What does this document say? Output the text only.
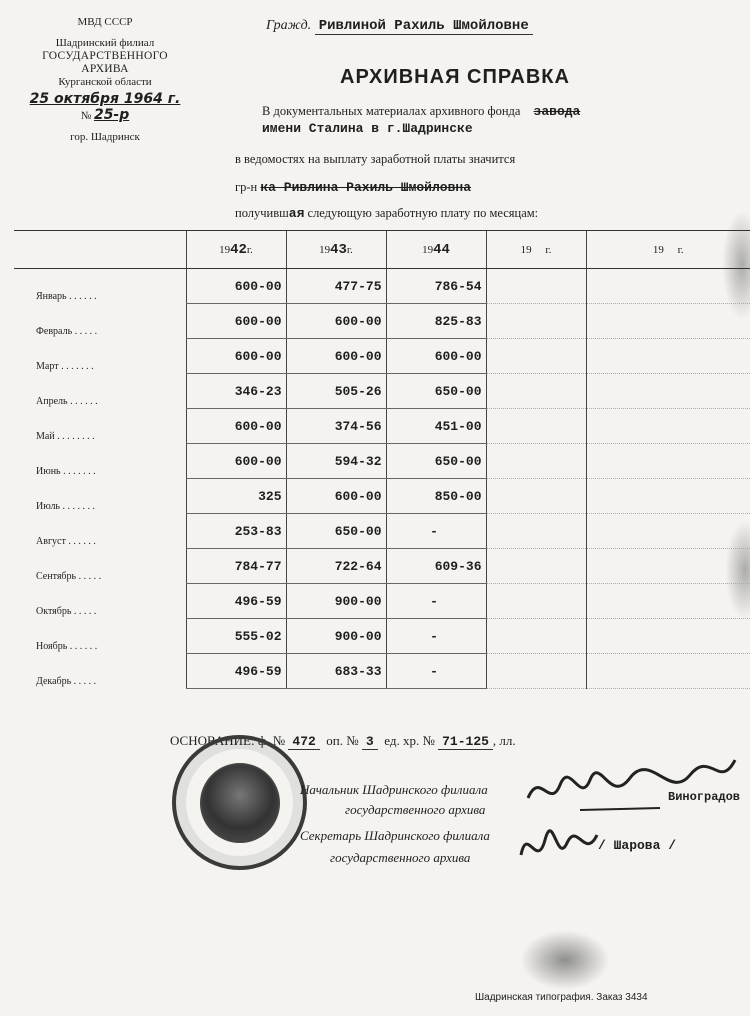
МВД СССР
Шадринский филиал
ГОСУДАРСТВЕННОГО
АРХИВА
Курганской области
25 октября 1964 г.
№ 25-р
гор. Шадринск
Гражд. Ривлиной Рахиль Шмойловне
АРХИВНАЯ СПРАВКА
В документальных материалах архивного фонда завода
имени Сталина в г.Шадринске
в ведомостях на выплату заработной платы значится
гр-н ка Ривлина Рахиль Шмойловна
получившая следующую заработную плату по месяцам:
	1942г.	1943г.	1944	19 г.	19 г.
Январь . . . . . .	600-00	477-75	786-54		
Февраль . . . . .	600-00	600-00	825-83		
Март . . . . . . .	600-00	600-00	600-00		
Апрель . . . . . .	346-23	505-26	650-00		
Май . . . . . . . .	600-00	374-56	451-00		
Июнь . . . . . . .	600-00	594-32	650-00		
Июль . . . . . . .	325	600-00	850-00		
Август . . . . . .	253-83	650-00	-		
Сентябрь . . . . .	784-77	722-64	609-36		
Октябрь . . . . .	496-59	900-00	-		
Ноябрь . . . . . .	555-02	900-00	-		
Декабрь . . . . .	496-59	683-33	-		
ОСНОВАНИЕ: ф. № 472 оп. № 3 ед. хр. № 71-125 , лл.
Начальник Шадринского филиала
государственного архива
Виноградов
Секретарь Шадринского филиала
государственного архива
/ Шарова /
Шадринская типография. Заказ 3434
